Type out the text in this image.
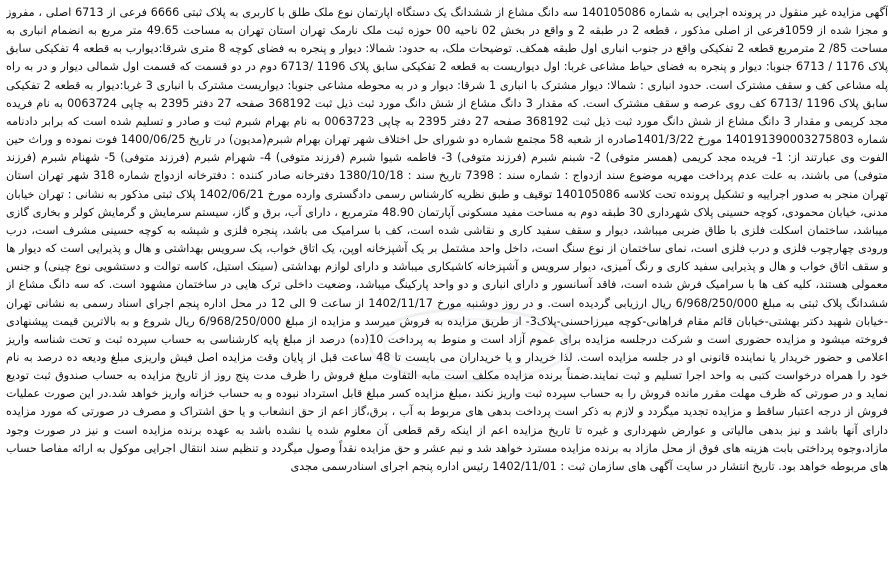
آگهی مزایده غیر منقول در پرونده اجرایی به شماره 140105086 سه دانگ مشاع از ششدانگ یک دستگاه اپارتمان نوع ملک طلق با کاربری به پلاک ثبتی 6666 فرعی از 6713 اصلی ، مفروز و مجزا شده از 1059فرعی از اصلی مذکور ، قطعه 2 در طبقه 2 و واقع در بخش 02 ناحیه 00 حوزه ثبت ملک نارمک تهران استان تهران به مساحت 49.65 متر مربع به انضمام انباری به مساحت 85/ 2 مترمربع قطعه 2 تفکیکی واقع در جنوب انباری اول طبقه همکف. توضیحات ملک، به حدود: شمالا: دیوار و پنجره به فضای کوچه 8 متری شرقا:دیوارب به قطعه 4 تفکیکی سابق پلاک 1176 / 6713 جنوبا: دیوار و پنجره به فضای حیاط مشاعی غربا: اول دیواریست به قطعه 2 تفکیکی سابق پلاک 1196 /6713 دوم در دو قسمت که قسمت اول شمالی دیوار و در به راه پله مشاعی کف و سقف مشترک است. حدود انباری : شمالا: دیوار مشترک با انباری 1 شرقا: دیوار و در به محوطه مشاعی جنوبا: دیواریست مشترک با انباری 3 غربا:دیوار به قطعه 2 تفکیکی سابق پلاک 1196 /6713 کف روی عرصه و سقف مشترک است. که مقدار 3 دانگ مشاع از شش دانگ مورد ثبت ذیل ثبت 368192 صفحه 27 دفتر 2395 به چاپی 0063724 به نام فریده مجد کریمی و مقدار 3 دانگ مشاع از شش دانگ مورد ثبت ذیل ثبت 368192 صفحه 27 دفتر 2395 به چاپی 0063723 به نام بهرام شبرم ثبت و صادر و تسلیم شده است که برابر دادنامه شماره 140191390003275803 مورخ 1401/3/22صادره از شعبه 58 مجتمع شماره دو شورای حل اختلاف شهر تهران بهرام شبرم(مدیون) در تاریخ 1400/06/25 فوت نموده و وراث حین الفوت وی عبارتند از: 1- فریده مجد کریمی (همسر متوفی) 2- شبنم شبرم (فرزند متوفی) 3- فاطمه شیوا شبرم (فرزند متوفی) 4- شهرام شبرم (فرزند متوفی) 5- شهنام شبرم (فرزند متوفی) می باشند، به علت عدم پرداخت مهریه موضوع سند ازدواج : شماره سند : 7398 تاریخ سند : 1380/10/18 دفترخانه صادر کننده : دفترخانه ازدواج شماره 318 شهر تهران استان تهران منجر به صدور اجراییه و تشکیل پرونده تحت کلاسه 140105086 توقیف و طبق نظریه کارشناس رسمی دادگستری وارده مورخ 1402/06/21 پلاک ثبتی مذکور به نشانی : تهران خیابان مدنی، خیابان محمودی، کوچه حسینی پلاک شهرداری 30 طبقه دوم به مساحت مفید مسکونی آپارتمان 48.90 مترمربع ، دارای آب، برق و گاز، سیستم سرمایش و گرمایش کولر و بخاری گازی میباشد، ساختمان اسکلت فلزی با طاق ضربی میباشد، دیوار و سقف سفید کاری و نقاشی شده است، کف با سرامیک می باشد، پنجره فلزی و شیشه به کوچه حسینی مشرف است، درب ورودی چهارچوب فلزی و درب فلزی است، نمای ساختمان از نوع سنگ است، داخل واحد مشتمل بر یک آشپزخانه اوپن، یک اتاق خواب، یک سرویس بهداشتی و هال و پذیرایی است که دیوار ها و سقف اتاق خواب و هال و پذیرایی سفید کاری و رنگ آمیزی، دیوار سرویس و آشپزخانه کاشیکاری میباشد و دارای لوازم بهداشتی (سینک استیل، کاسه توالت و دستشویی نوع چینی) و جنس معمولی هستند، کلیه کف ها با سرامیک فرش شده است، فاقد آسانسور و دارای انباری و دو واحد پارکینگ میباشد، وضعیت داخلی ترک هایی در ساختمان مشهود است. که سه دانگ مشاع از ششدانگ پلاک ثبتی به مبلغ 6/968/250/000 ریال ارزیابی گردیده است. و در روز دوشنبه مورخ 1402/11/17 از ساعت 9 الی 12 در محل اداره پنجم اجرای اسناد رسمی به نشانی تهران -خیابان شهید دکتر بهشتی-خیابان قائم مقام فراهانی-کوچه میرزاحسنی-پلاک3- از طریق مزایده به فروش میرسد و مزایده از مبلغ 6/968/250/000 ریال شروع و به بالاترین قیمت پیشنهادی فروخته میشود و مزایده حضوری است و شرکت درجلسه مزایده برای عموم آزاد است و منوط به پرداخت 10(ده) درصد از مبلغ پایه کارشناسی به حساب سپرده ثبت و تحت شناسه واریز اعلامی و حضور خریدار یا نماینده قانونی او در جلسه مزایده است. لذا خریدار و یا خریداران می بایست تا 48 ساعت قبل از پایان وقت مزایده اصل فیش واریزی مبلغ ودیعه ده درصد به نام خود را همراه درخواست کتبی به واحد اجرا تسلیم و ثبت نمایند.ضمناً برنده مزایده مکلف است مابه التفاوت مبلغ فروش را ظرف مدت پنج روز از تاریخ مزایده به حساب صندوق ثبت تودیع نماید و در صورتی که ظرف مهلت مقرر مانده فروش را به حساب سپرده ثبت واریز نکند ،مبلغ مزایده کسر مبلغ قابل استرداد نبوده و به حساب خزانه واریز خواهد شد.در این صورت عملیات فروش از درجه اعتبار ساقط و مزایده تجدید میگردد و لازم به ذکر است پرداخت بدهی های مربوط به آب ، برق،گاز اعم از حق انشعاب و یا حق اشتراک و مصرف در صورتی که مورد مزایده دارای آنها باشد و نیز بدهی مالیاتی و عوارض شهرداری و غیره تا تاریخ مزایده اعم از اینکه رقم قطعی آن معلوم شده یا نشده باشد به عهده برنده مزایده است و نیز در صورت وجود مازاد،وجوه پرداختی بابت هزینه های فوق از محل مازاد به برنده مزایده مسترد خواهد شد و نیم عشر و حق مزایده نقداً وصول میگردد و تنظیم سند انتقال اجرایی موکول به ارائه مفاصا حساب های مربوطه خواهد بود. تاریخ انتشار در سایت آگهی های سازمان ثبت : 1402/11/01 رئیس اداره پنجم اجرای اسنادرسمی مجدی
